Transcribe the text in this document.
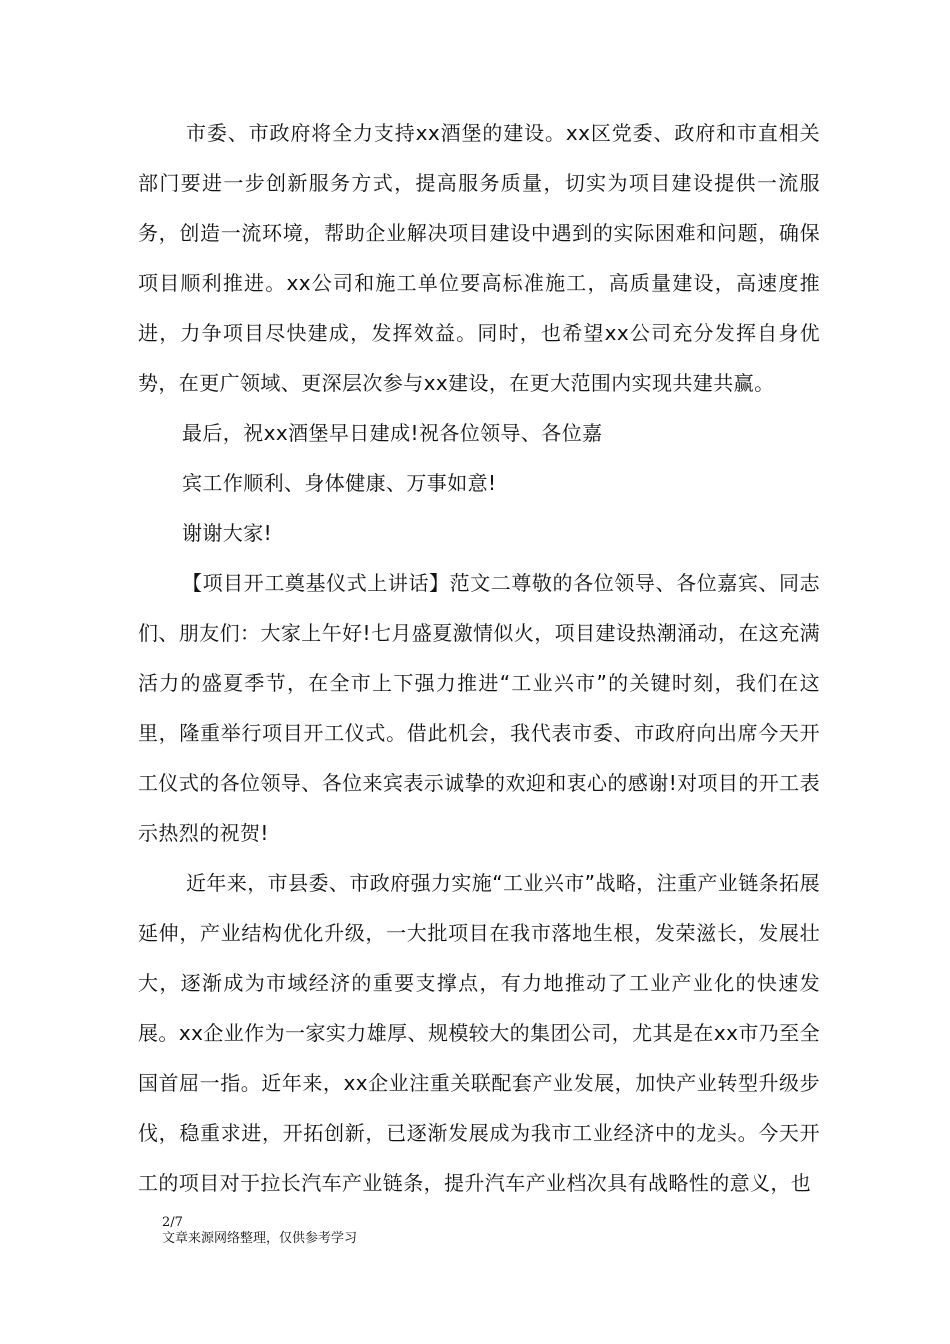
市委、市政府将全力支持xx酒堡的建设。xx区党委、政府和市直相关部门要进一步创新服务方式，提高服务质量，切实为项目建设提供一流服务，创造一流环境，帮助企业解决项目建设中遇到的实际困难和问题，确保项目顺利推进。xx公司和施工单位要高标准施工，高质量建设，高速度推进，力争项目尽快建成，发挥效益。同时，也希望xx公司充分发挥自身优势，在更广领域、更深层次参与xx建设，在更大范围内实现共建共赢。

最后，祝xx酒堡早日建成!祝各位领导、各位嘉

宾工作顺利、身体健康、万事如意!

谢谢大家!

【项目开工奠基仪式上讲话】范文二尊敬的各位领导、各位嘉宾、同志们、朋友们：大家上午好!七月盛夏激情似火，项目建设热潮涌动，在这充满活力的盛夏季节，在全市上下强力推进“工业兴市”的关键时刻，我们在这里，隆重举行项目开工仪式。借此机会，我代表市委、市政府向出席今天开工仪式的各位领导、各位来宾表示诚挚的欢迎和衷心的感谢!对项目的开工表示热烈的祝贺!

近年来，市县委、市政府强力实施“工业兴市”战略，注重产业链条拓展延伸，产业结构优化升级，一大批项目在我市落地生根，发荣滋长，发展壮大，逐渐成为市域经济的重要支撑点，有力地推动了工业产业化的快速发展。xx企业作为一家实力雄厚、规模较大的集团公司，尤其是在xx市乃至全国首屈一指。近年来，xx企业注重关联配套产业发展，加快产业转型升级步伐，稳重求进，开拓创新，已逐渐发展成为我市工业经济中的龙头。今天开工的项目对于拉长汽车产业链条，提升汽车产业档次具有战略性的意义，也

2/7
文章来源网络整理，仅供参考学习
